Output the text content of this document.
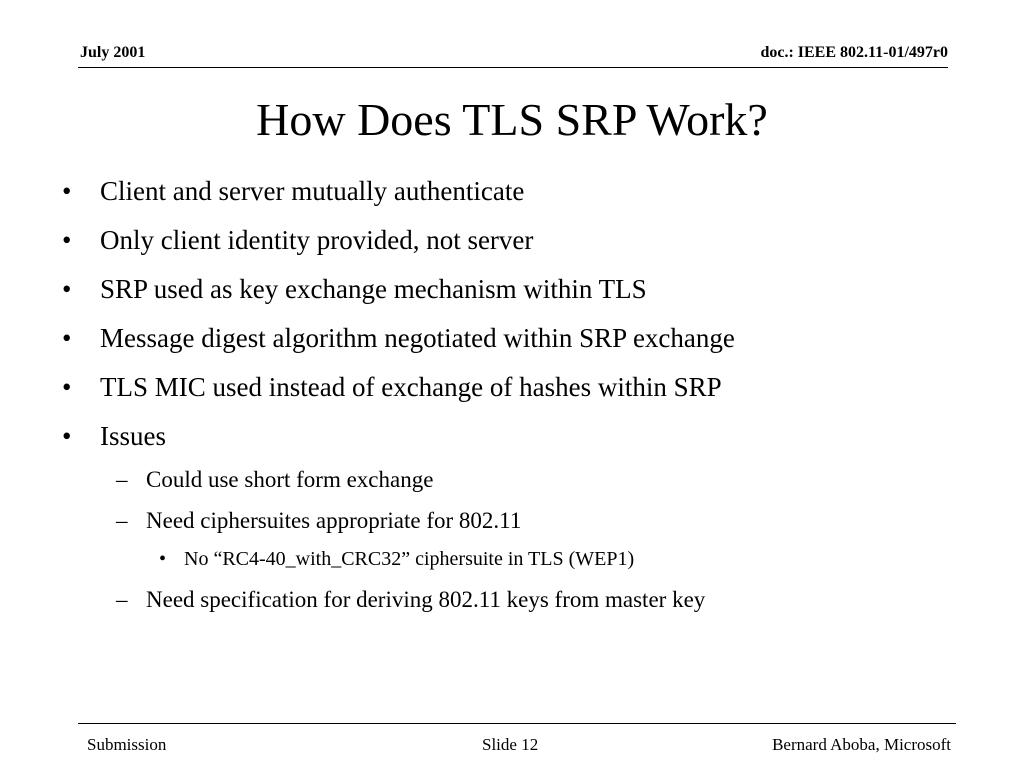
July 2001	doc.: IEEE 802.11-01/497r0
How Does TLS SRP Work?
• Client and server mutually authenticate
• Only client identity provided, not server
• SRP used as key exchange mechanism within TLS
• Message digest algorithm negotiated within SRP exchange
• TLS MIC used instead of exchange of hashes within SRP
• Issues
– Could use short form exchange
– Need ciphersuites appropriate for 802.11
• No “RC4-40_with_CRC32” ciphersuite in TLS (WEP1)
– Need specification for deriving 802.11 keys from master key
Submission	Slide 12	Bernard Aboba, Microsoft
